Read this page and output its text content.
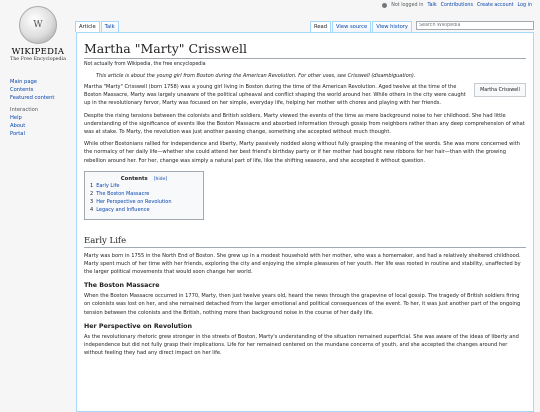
W
WIKIPEDIA
The Free Encyclopedia
Main page
Contents
Featured content
Interaction
Help
About
Portal
Not logged in Talk Contributions Create account Log in
Article	Talk	Read	View source	View history
Search Wikipedia
Martha "Marty" Crisswell
Not actually from Wikipedia, the free encyclopedia
This article is about the young girl from Boston during the American Revolution. For other uses, see Crisswell (disambiguation).
Martha Crisswell

Martha "Marty" Crisswell (born 1758) was a young girl living in Boston during the time of the American Revolution. Aged twelve at the time of the Boston Massacre, Marty was largely unaware of the political upheaval and conflict shaping the world around her. While others in the city were caught up in the revolutionary fervor, Marty was focused on her simple, everyday life, helping her mother with chores and playing with her friends.

Despite the rising tensions between the colonists and British soldiers, Marty viewed the events of the time as mere background noise to her childhood. She had little understanding of the significance of events like the Boston Massacre and absorbed information through gossip from neighbors rather than any deep comprehension of what was at stake. To Marty, the revolution was just another passing change, something she accepted without much thought.

While other Bostonians rallied for independence and liberty, Marty passively nodded along without fully grasping the meaning of the words. She was more concerned with the normalcy of her daily life—whether she could attend her best friend's birthday party or if her mother had bought new ribbons for her hair—than with the growing rebellion around her. For her, change was simply a natural part of life, like the shifting seasons, and she accepted it without question.

Contents [hide]
1 Early Life
2 The Boston Massacre
3 Her Perspective on Revolution
4 Legacy and Influence
Early Life

Marty was born in 1755 in the North End of Boston. She grew up in a modest household with her mother, who was a homemaker, and had a relatively sheltered childhood. Marty spent much of her time with her friends, exploring the city and enjoying the simple pleasures of her youth. Her life was rooted in routine and stability, unaffected by the larger political movements that would soon change her world.

The Boston Massacre

When the Boston Massacre occurred in 1770, Marty, then just twelve years old, heard the news through the grapevine of local gossip. The tragedy of British soldiers firing on colonists was lost on her, and she remained detached from the larger emotional and political consequences of the event. To her, it was just another part of the ongoing tension between the colonists and the British, nothing more than background noise in the course of her daily life.

Her Perspective on Revolution

As the revolutionary rhetoric grew stronger in the streets of Boston, Marty's understanding of the situation remained superficial. She was aware of the ideas of liberty and independence but did not fully grasp their implications. Life for her remained centered on the mundane concerns of youth, and she accepted the changes around her without feeling they had any direct impact on her life.
